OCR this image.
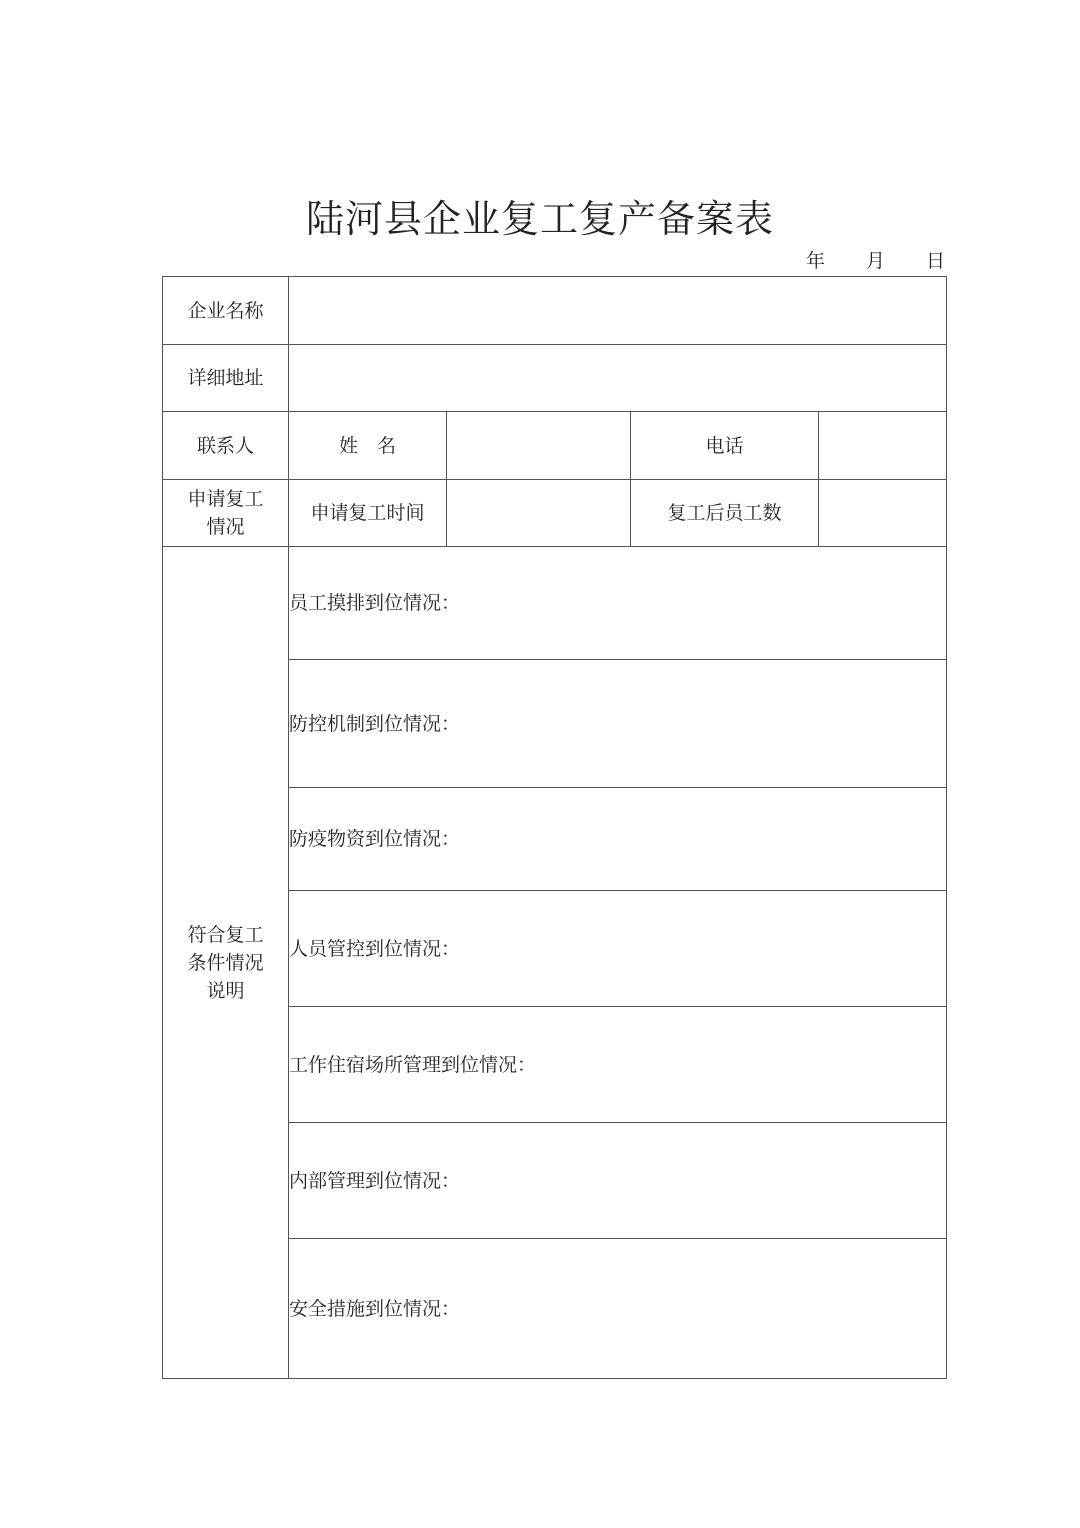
陆河县企业复工复产备案表
年 月 日
企业名称				
详细地址				
联系人	姓　名		电话	

申请复工
情况	申请复工时间		复工后员工数	

符合复工
条件情况
说明	员工摸排到位情况：			

	防控机制到位情况：			

	防疫物资到位情况：			

	人员管控到位情况：			

	工作住宿场所管理到位情况：			

	内部管理到位情况：			

	安全措施到位情况：			
